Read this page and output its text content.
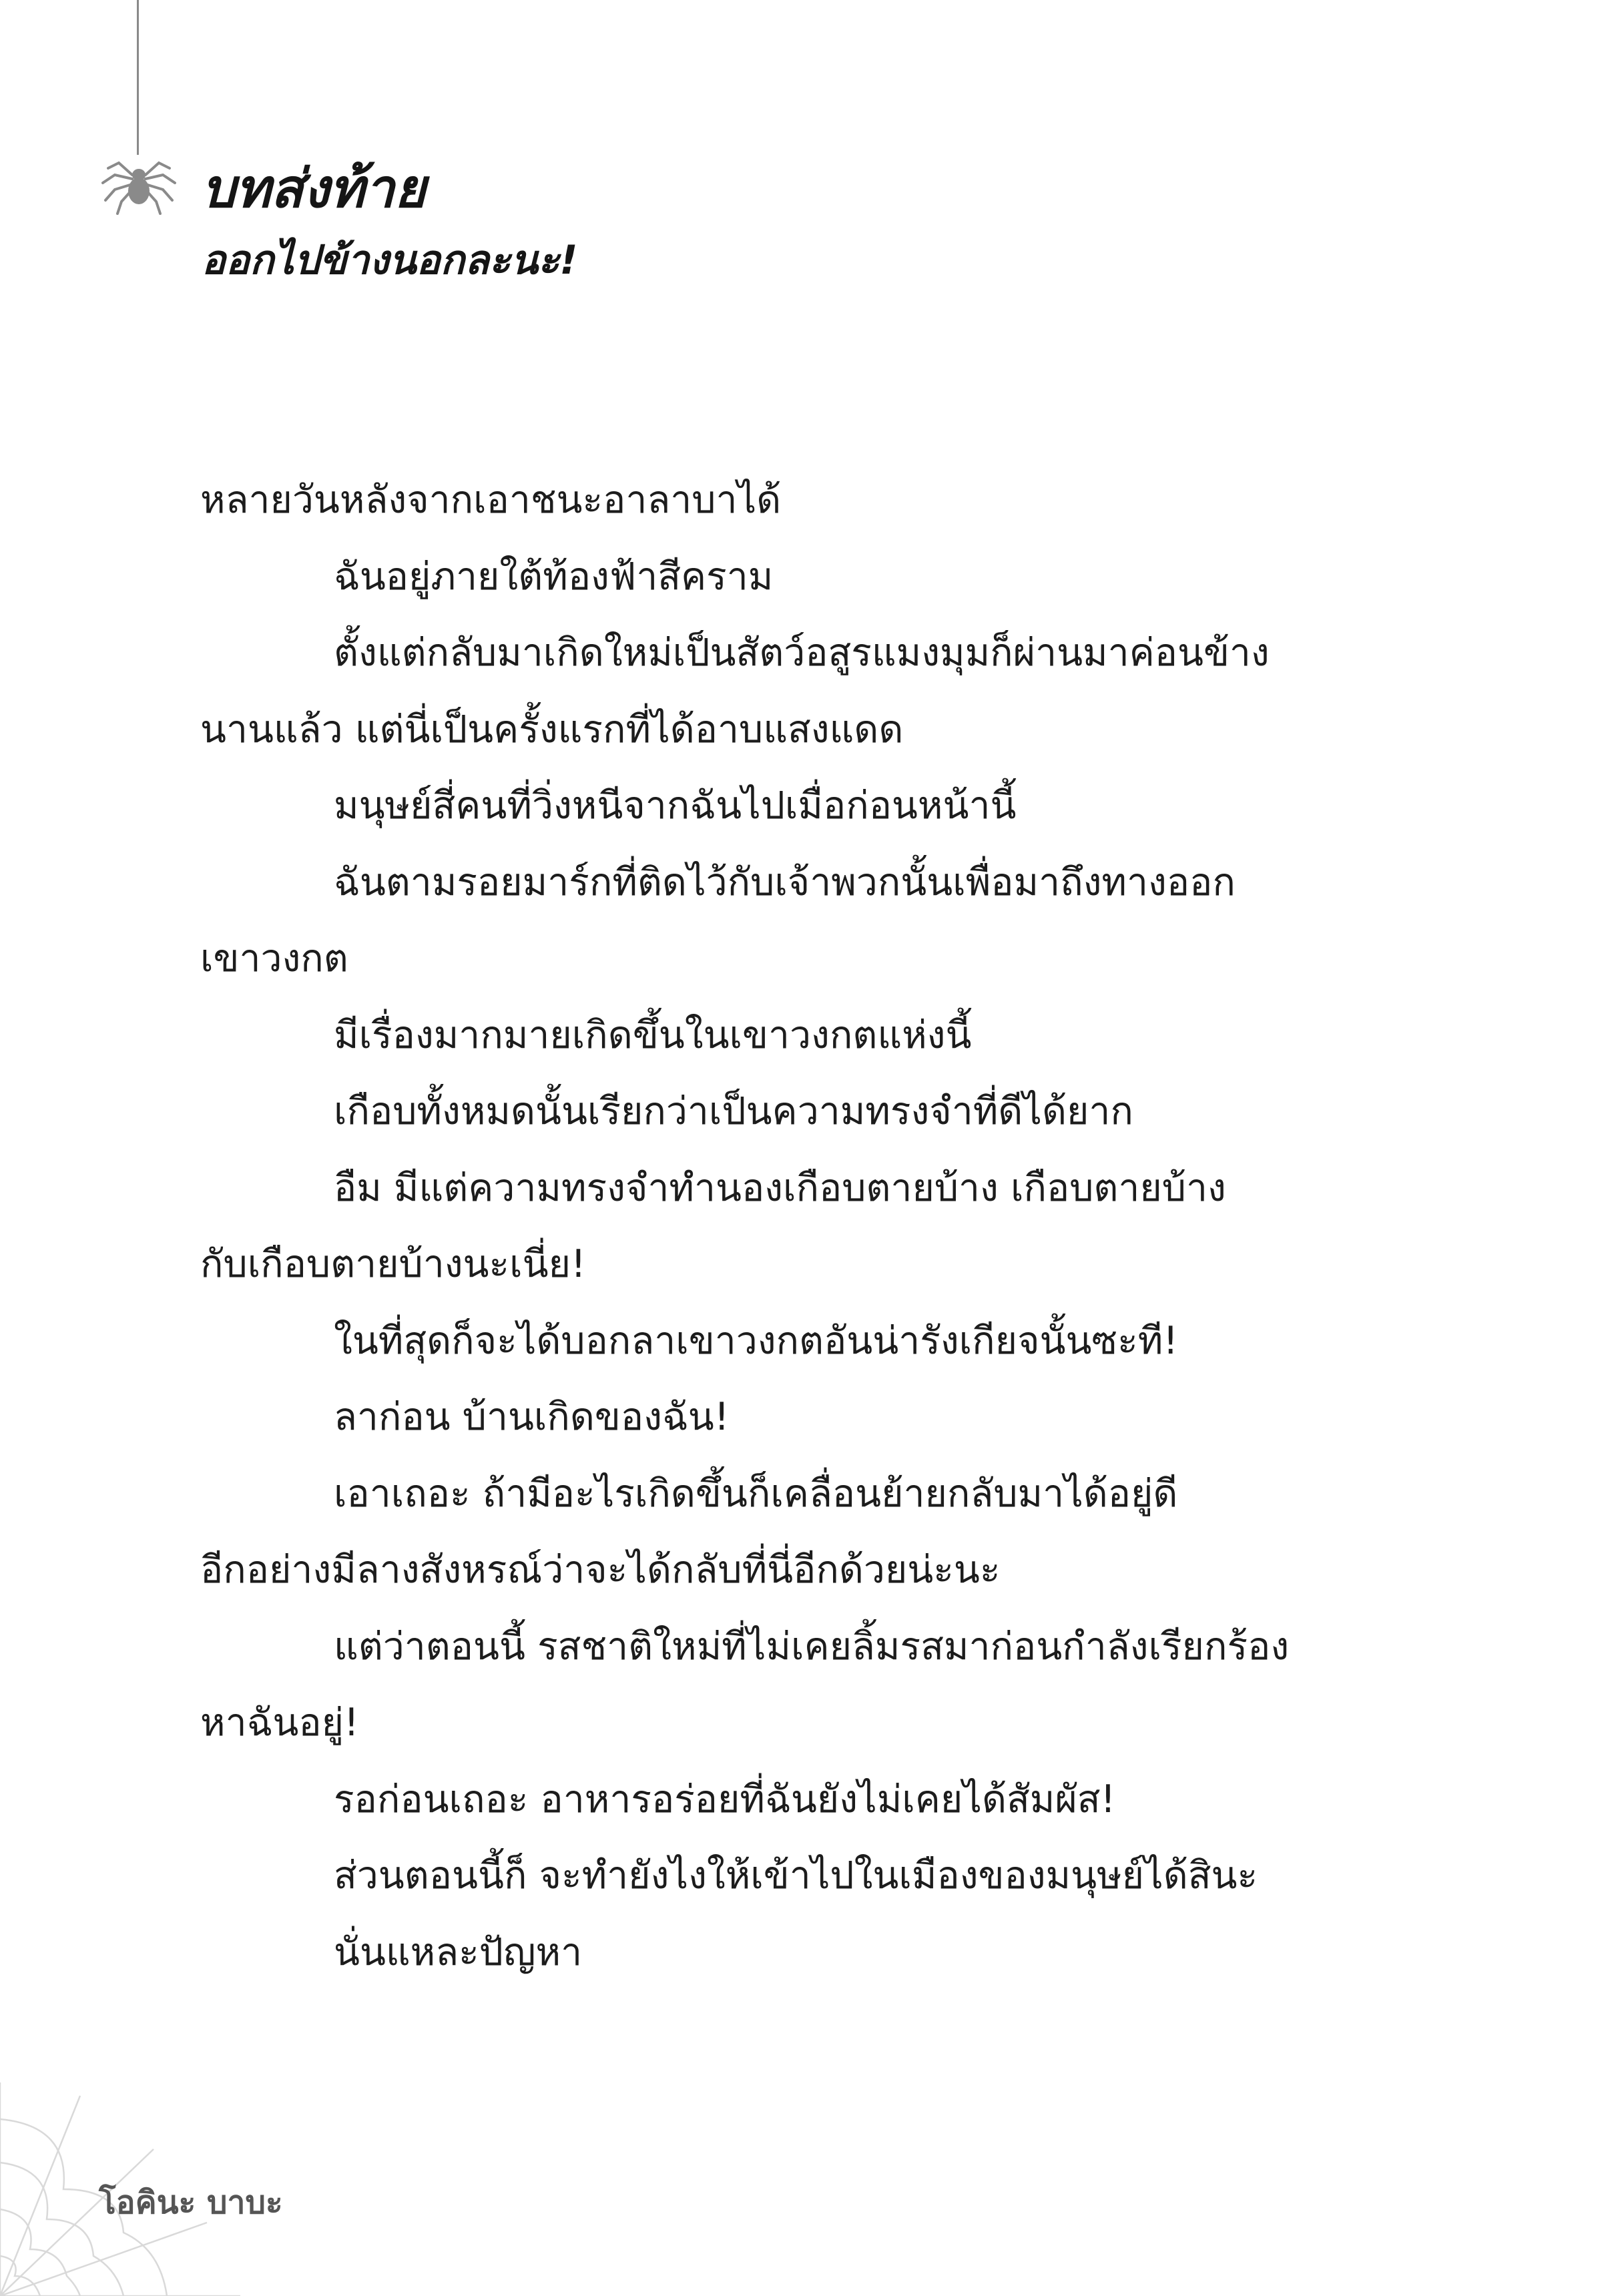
บทส่งท้าย
ออกไปข้างนอกละนะ!
หลายวันหลังจากเอาชนะอาลาบาได้
ฉันอยู่ภายใต้ท้องฟ้าสีคราม
ตั้งแต่กลับมาเกิดใหม่เป็นสัตว์อสูรแมงมุมก็ผ่านมาค่อนข้าง
นานแล้ว แต่นี่เป็นครั้งแรกที่ได้อาบแสงแดด
มนุษย์สี่คนที่วิ่งหนีจากฉันไปเมื่อก่อนหน้านี้
ฉันตามรอยมาร์กที่ติดไว้กับเจ้าพวกนั้นเพื่อมาถึงทางออก
เขาวงกต
มีเรื่องมากมายเกิดขึ้นในเขาวงกตแห่งนี้
เกือบทั้งหมดนั้นเรียกว่าเป็นความทรงจำที่ดีได้ยาก
อืม มีแต่ความทรงจำทำนองเกือบตายบ้าง เกือบตายบ้าง
กับเกือบตายบ้างนะเนี่ย!
ในที่สุดก็จะได้บอกลาเขาวงกตอันน่ารังเกียจนั้นซะที!
ลาก่อน บ้านเกิดของฉัน!
เอาเถอะ ถ้ามีอะไรเกิดขึ้นก็เคลื่อนย้ายกลับมาได้อยู่ดี
อีกอย่างมีลางสังหรณ์ว่าจะได้กลับที่นี่อีกด้วยน่ะนะ
แต่ว่าตอนนี้ รสชาติใหม่ที่ไม่เคยลิ้มรสมาก่อนกำลังเรียกร้อง
หาฉันอยู่!
รอก่อนเถอะ อาหารอร่อยที่ฉันยังไม่เคยได้สัมผัส!
ส่วนตอนนี้ก็ จะทำยังไงให้เข้าไปในเมืองของมนุษย์ได้สินะ
นั่นแหละปัญหา
โอคินะ บาบะ
